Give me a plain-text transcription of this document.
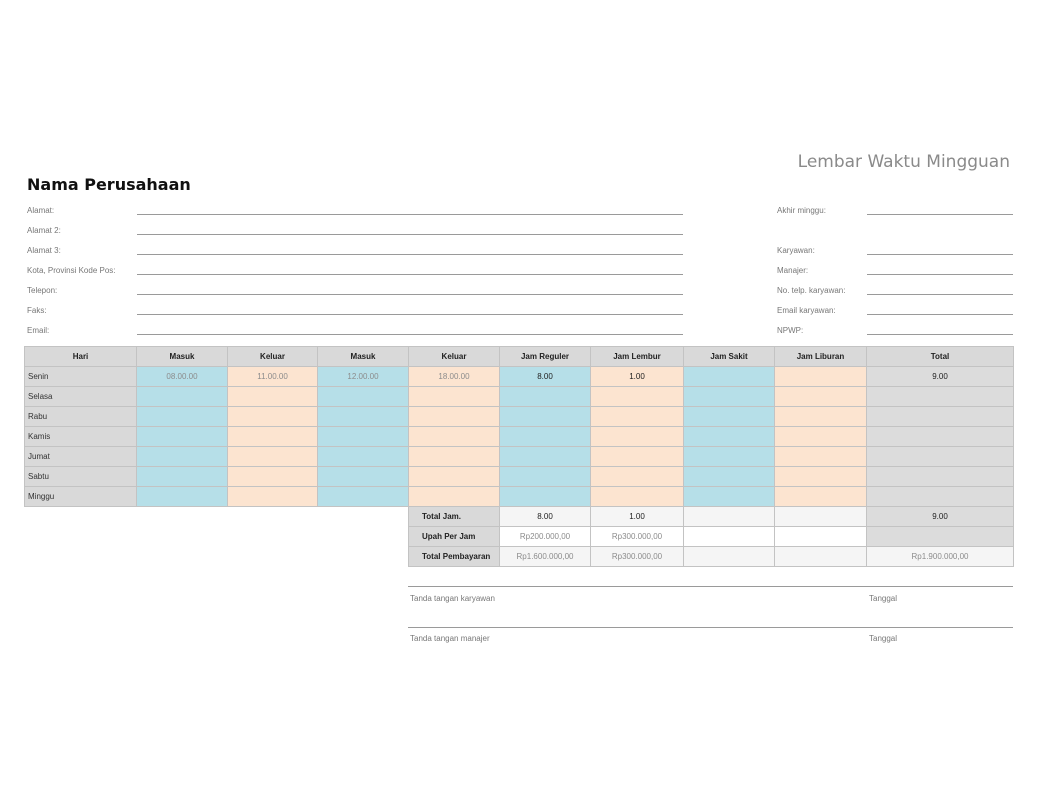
Lembar Waktu Mingguan
Nama Perusahaan
Alamat:
Alamat 2:
Alamat 3:
Kota, Provinsi Kode Pos:
Telepon:
Faks:
Email:
Akhir minggu:
Karyawan:
Manajer:
No. telp. karyawan:
Email karyawan:
NPWP:
Hari	Masuk	Keluar	Masuk	Keluar	Jam Reguler	Jam Lembur	Jam Sakit	Jam Liburan	Total
Senin	08.00.00	11.00.00	12.00.00	18.00.00	8.00	1.00			9.00
Selasa									
Rabu									
Kamis									
Jumat									
Sabtu									
Minggu									
				Total Jam.	8.00	1.00			9.00
				Upah Per Jam	Rp200.000,00	Rp300.000,00			
				Total Pembayaran	Rp1.600.000,00	Rp300.000,00			Rp1.900.000,00
Tanda tangan karyawan	Tanggal
Tanda tangan manajer	Tanggal
